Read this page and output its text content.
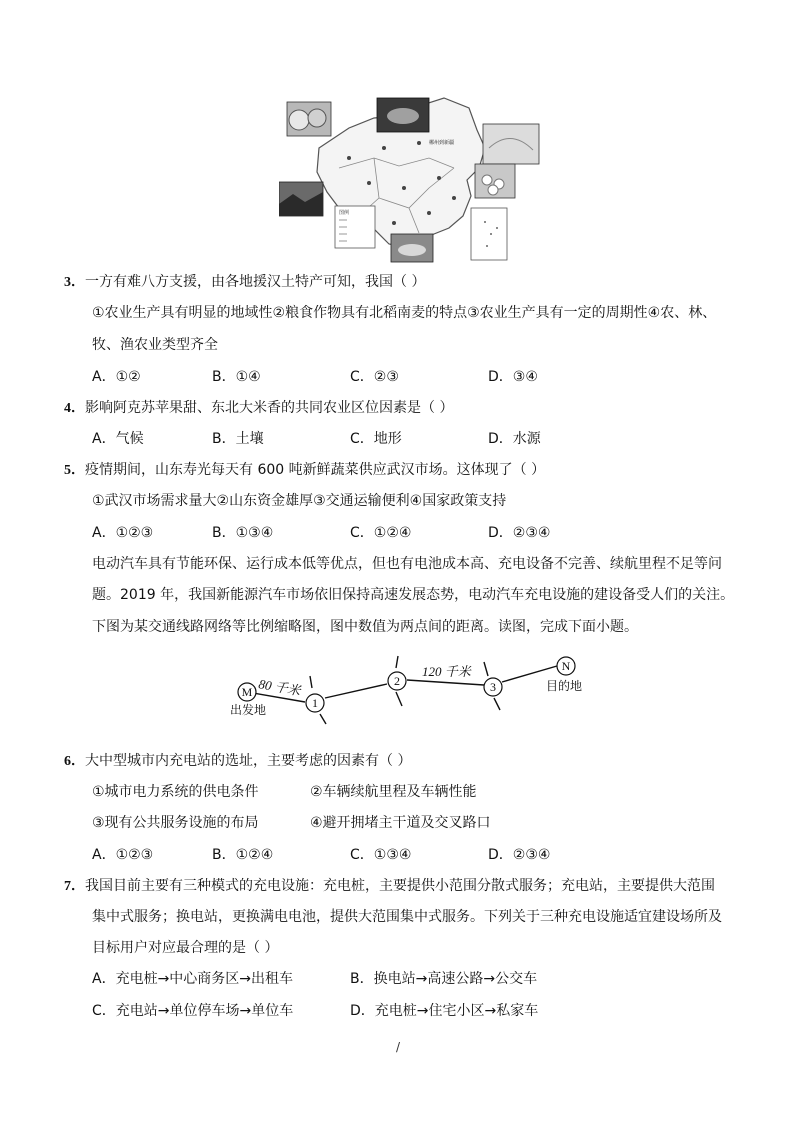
图例
郴州到新疆
3．一方有难八方支援，由各地援汉土特产可知，我国（ ）
①农业生产具有明显的地域性②粮食作物具有北稻南麦的特点③农业生产具有一定的周期性④农、林、
牧、渔农业类型齐全
A．①②	B．①④	C．②③	D．③④
4．影响阿克苏苹果甜、东北大米香的共同农业区位因素是（ ）
A．气候	B．土壤	C．地形	D．水源
5．疫情期间，山东寿光每天有 600 吨新鲜蔬菜供应武汉市场。这体现了（ ）
①武汉市场需求量大②山东资金雄厚③交通运输便利④国家政策支持
A．①②③	B．①③④	C．①②④	D．②③④
电动汽车具有节能环保、运行成本低等优点，但也有电池成本高、充电设备不完善、续航里程不足等问
题。2019 年，我国新能源汽车市场依旧保持高速发展态势，电动汽车充电设施的建设备受人们的关注。
下图为某交通线路网络等比例缩略图，图中数值为两点间的距离。读图，完成下面小题。
M
1
2	3
N
80 千米
120 千米
出发地
目的地
6．大中型城市内充电站的选址，主要考虑的因素有（ ）
①城市电力系统的供电条件	②车辆续航里程及车辆性能
③现有公共服务设施的布局	④避开拥堵主干道及交叉路口
A．①②③	B．①②④	C．①③④	D．②③④
7．我国目前主要有三种模式的充电设施：充电桩，主要提供小范围分散式服务；充电站，主要提供大范围
集中式服务；换电站，更换满电电池，提供大范围集中式服务。下列关于三种充电设施适宜建设场所及
目标用户对应最合理的是（ ）
A．充电桩→中心商务区→出租车	B．换电站→高速公路→公交车
C．充电站→单位停车场→单位车	D．充电桩→住宅小区→私家车
/
